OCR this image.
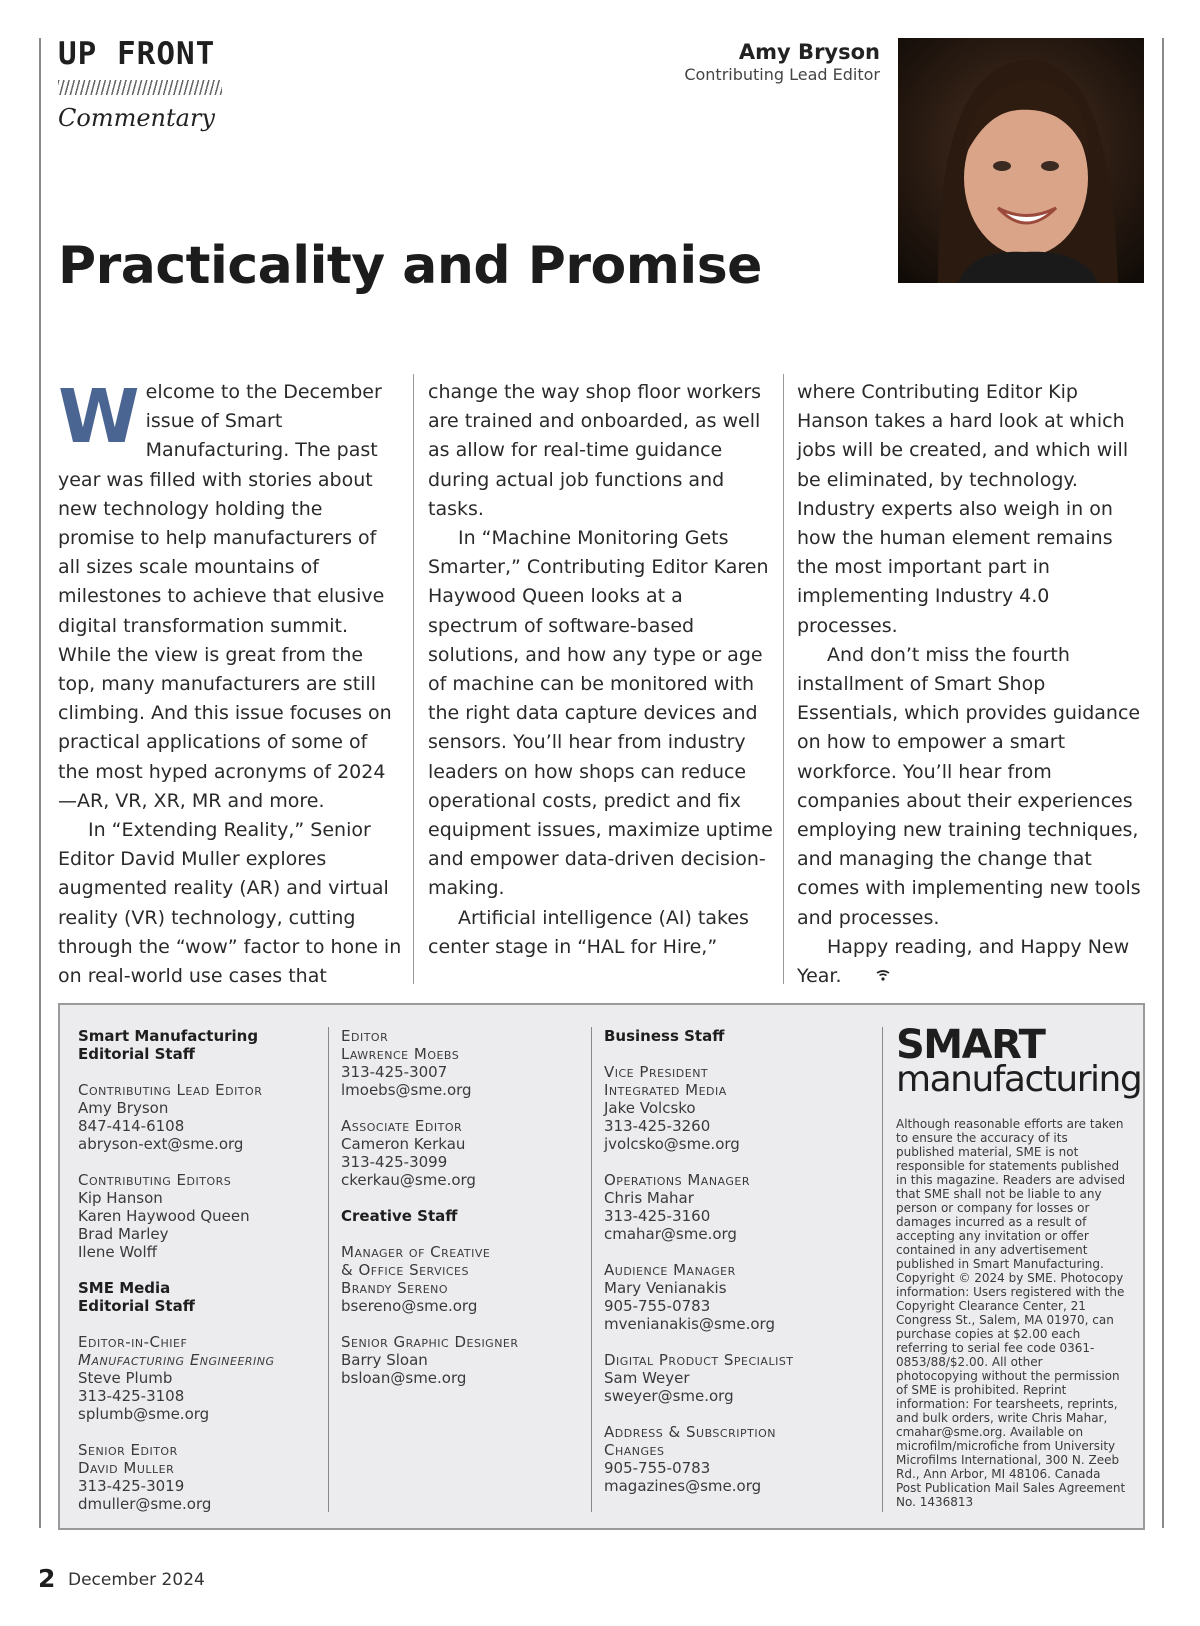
UP FRONT
Commentary
Amy Bryson
Contributing Lead Editor
Practicality and Promise

Welcome to the December issue of Smart Manufacturing. The past year was filled with stories about new technology holding the promise to help manufacturers of all sizes scale mountains of milestones to achieve that elusive digital transformation summit. While the view is great from the top, many manufacturers are still climbing. And this issue focuses on practical applications of some of the most hyped acronyms of 2024—AR, VR, XR, MR and more.

In “Extending Reality,” Senior Editor David Muller explores augmented reality (AR) and virtual reality (VR) technology, cutting through the “wow” factor to hone in on real-world use cases that

change the way shop floor workers are trained and onboarded, as well as allow for real-time guidance during actual job functions and tasks.

In “Machine Monitoring Gets Smarter,” Contributing Editor Karen Haywood Queen looks at a spectrum of software-based solutions, and how any type or age of machine can be monitored with the right data capture devices and sensors. You’ll hear from industry leaders on how shops can reduce operational costs, predict and fix equipment issues, maximize uptime and empower data-driven decision-making.

Artificial intelligence (AI) takes center stage in “HAL for Hire,”

where Contributing Editor Kip Hanson takes a hard look at which jobs will be created, and which will be eliminated, by technology. Industry experts also weigh in on how the human element remains the most important part in implementing Industry 4.0 processes.

And don’t miss the fourth installment of Smart Shop Essentials, which provides guidance on how to empower a smart workforce. You’ll hear from companies about their experiences employing new training techniques, and managing the change that comes with implementing new tools and processes.

Happy reading, and Happy New Year.

Smart Manufacturing
Editorial Staff
Contributing Lead Editor
Amy Bryson
847-414-6108
abryson-ext@sme.org
Contributing Editors
Kip Hanson
Karen Haywood Queen
Brad Marley
Ilene Wolff
SME Media
Editorial Staff
Editor-in-Chief
Manufacturing Engineering
Steve Plumb
313-425-3108
splumb@sme.org
Senior Editor
David Muller
313-425-3019
dmuller@sme.org
Editor
Lawrence Moebs
313-425-3007
lmoebs@sme.org
Associate Editor
Cameron Kerkau
313-425-3099
ckerkau@sme.org
Creative Staff
Manager of Creative
& Office Services
Brandy Sereno
bsereno@sme.org
Senior Graphic Designer
Barry Sloan
bsloan@sme.org
Business Staff
Vice President
Integrated Media
Jake Volcsko
313-425-3260
jvolcsko@sme.org
Operations Manager
Chris Mahar
313-425-3160
cmahar@sme.org
Audience Manager
Mary Venianakis
905-755-0783
mvenianakis@sme.org
Digital Product Specialist
Sam Weyer
sweyer@sme.org
Address & Subscription
Changes
905-755-0783
magazines@sme.org
SMART
manufacturing
Although reasonable efforts are taken to ensure the accuracy of its published material, SME is not responsible for statements published in this magazine. Readers are advised that SME shall not be liable to any person or company for losses or damages incurred as a result of accepting any invitation or offer contained in any advertisement published in Smart Manufacturing. Copyright © 2024 by SME. Photocopy information: Users registered with the Copyright Clearance Center, 21 Congress St., Salem, MA 01970, can purchase copies at $2.00 each referring to serial fee code 0361-0853/88/$2.00. All other photocopying without the permission of SME is prohibited. Reprint information: For tearsheets, reprints, and bulk orders, write Chris Mahar, cmahar@sme.org. Available on microfilm/microfiche from University Microfilms International, 300 N. Zeeb Rd., Ann Arbor, MI 48106. Canada Post Publication Mail Sales Agreement No. 1436813
2 December 2024
